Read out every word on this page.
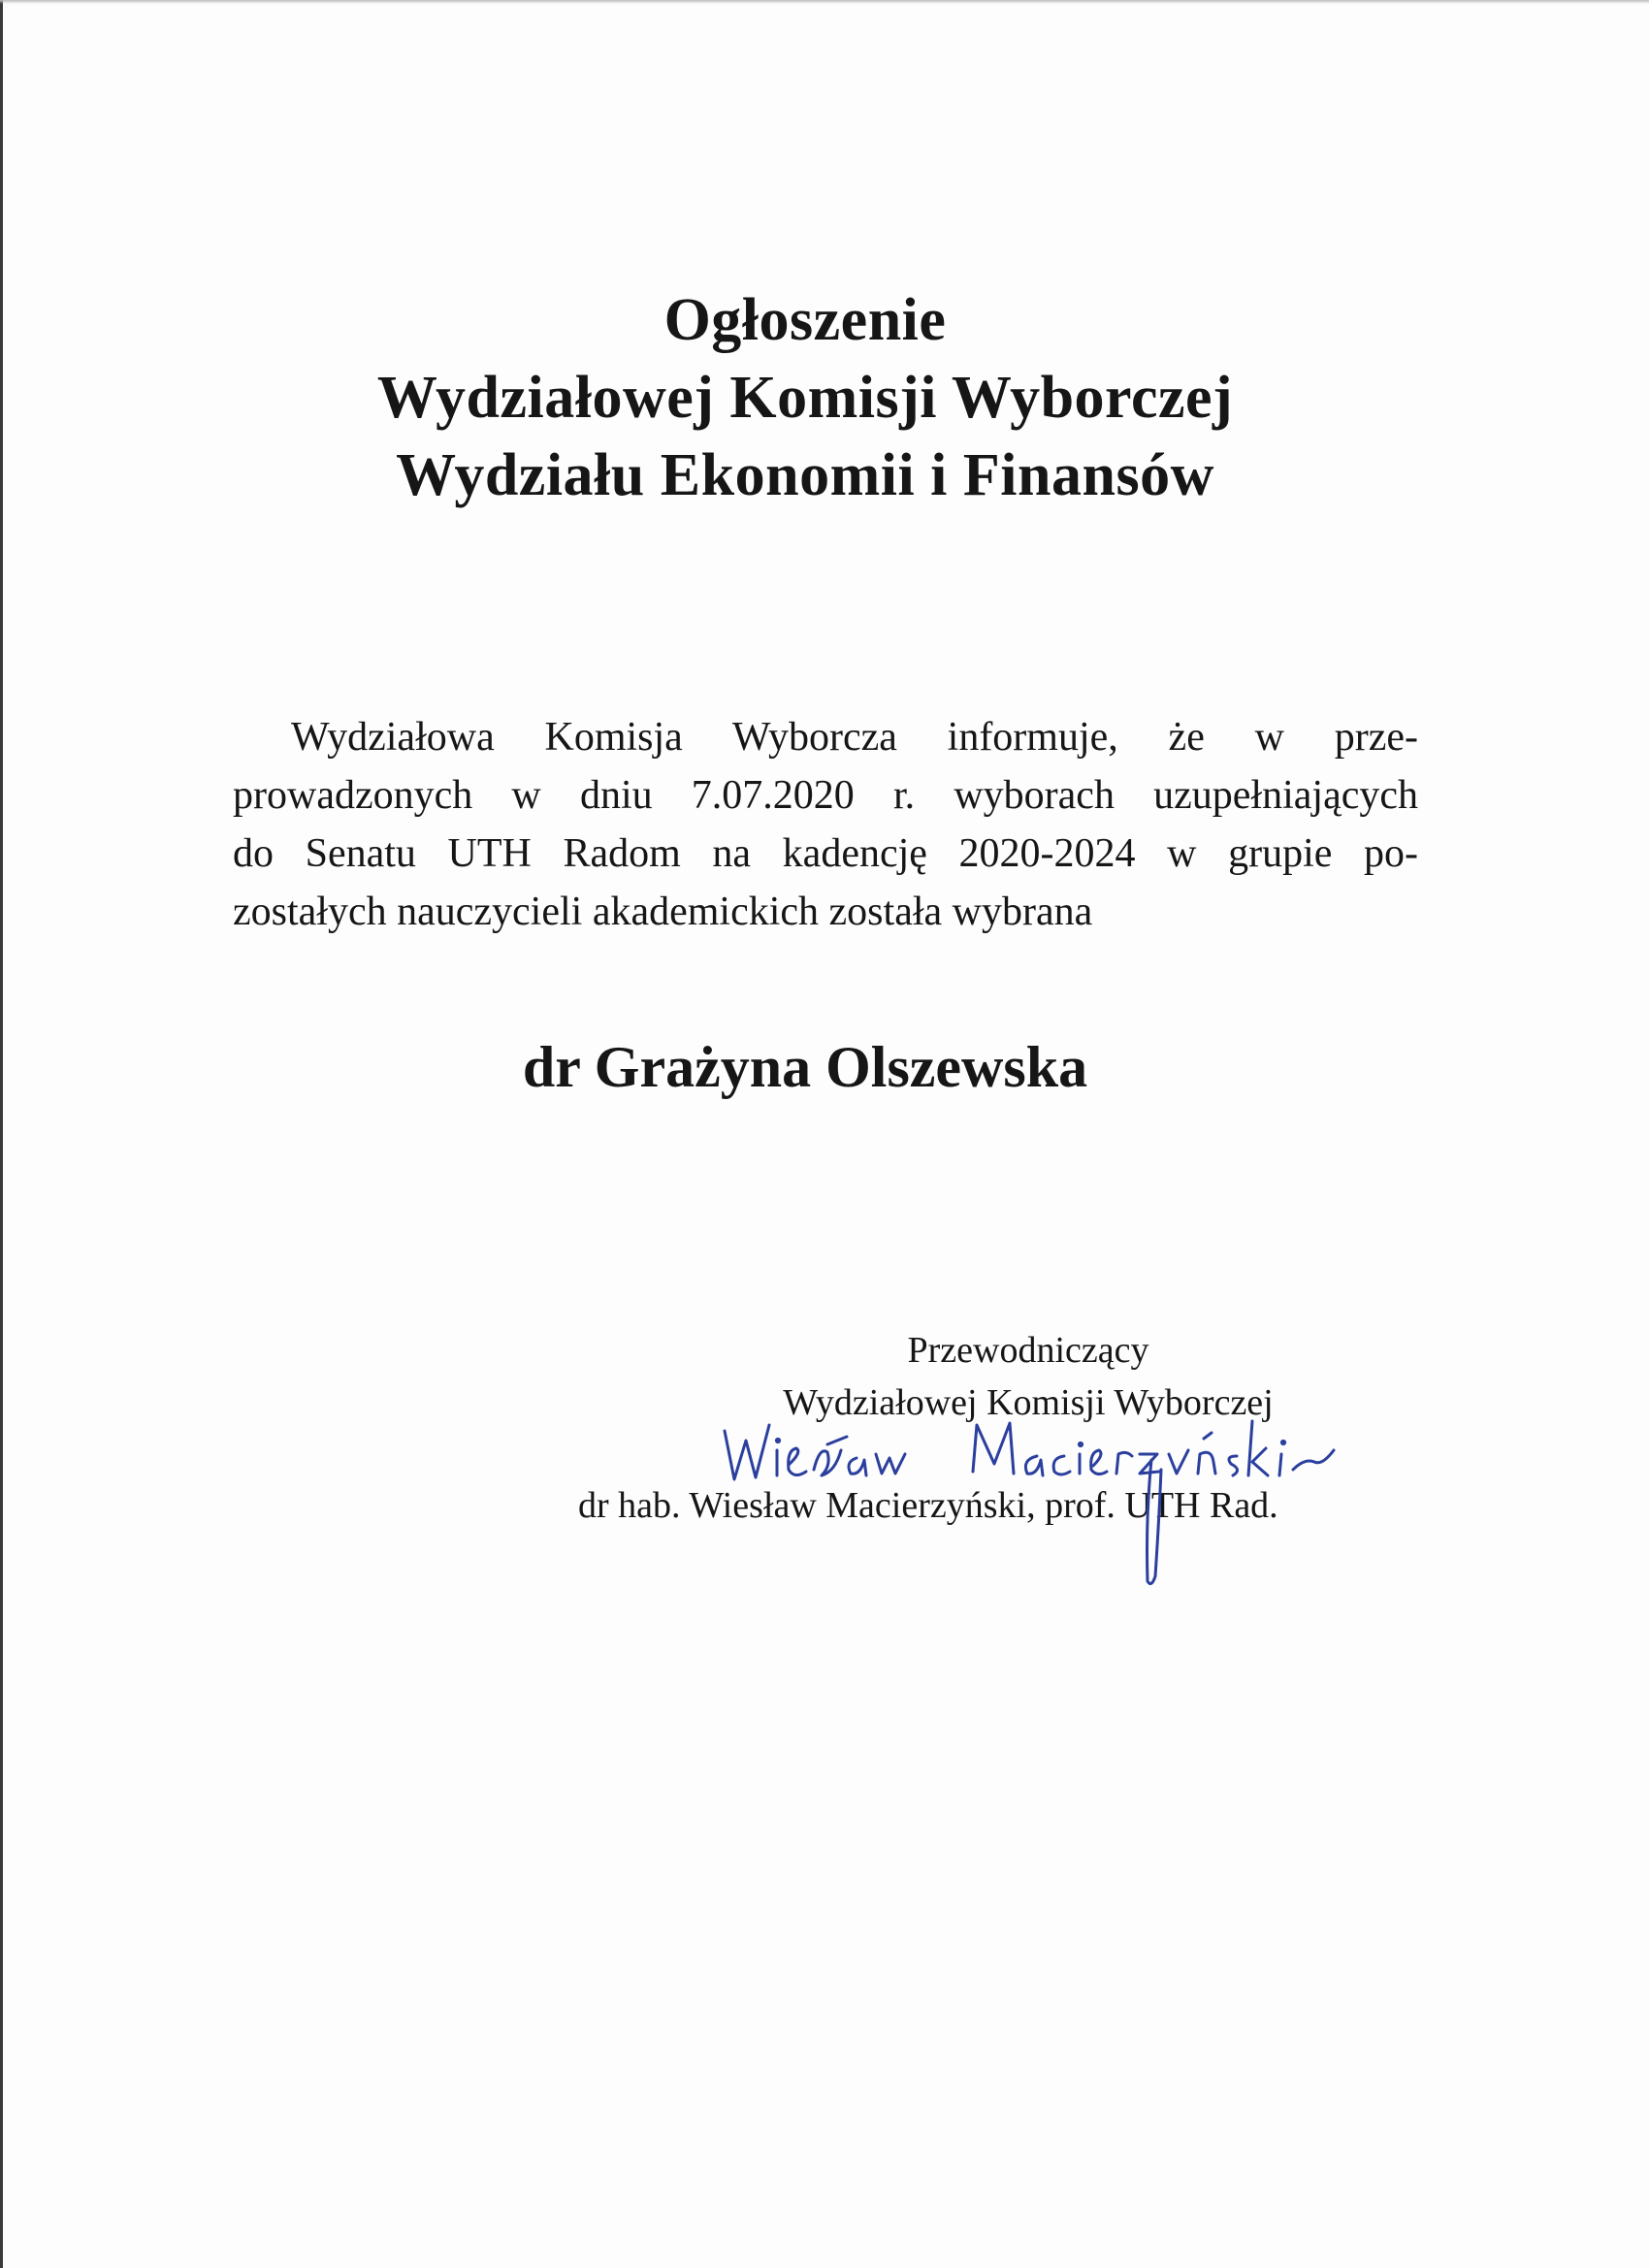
Ogłoszenie
Wydziałowej Komisji Wyborczej
Wydziału Ekonomii i Finansów
Wydziałowa Komisja Wyborcza informuje, że w prze-
prowadzonych w dniu 7.07.2020 r. wyborach uzupełniających
do Senatu UTH Radom na kadencję 2020-2024 w grupie po-
zostałych nauczycieli akademickich została wybrana
dr Grażyna Olszewska
Przewodniczący
Wydziałowej Komisji Wyborczej
dr hab. Wiesław Macierzyński, prof. UTH Rad.
